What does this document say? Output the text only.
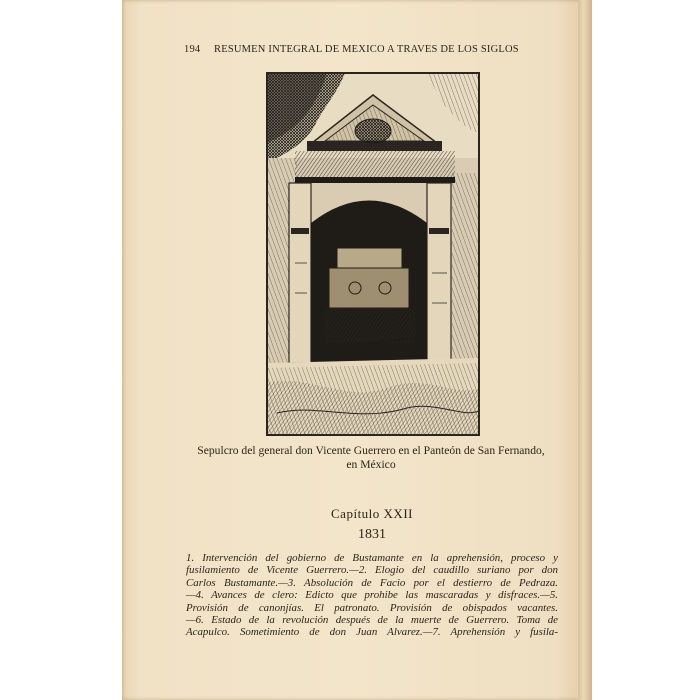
194 RESUMEN INTEGRAL DE MEXICO A TRAVES DE LOS SIGLOS
Sepulcro del general don Vicente Guerrero en el Panteón de San Fernando,
en México
Capítulo XXII
1831
1. Intervención del gobierno de Bustamante en la aprehensión, proceso y
fusilamiento de Vicente Guerrero.—2. Elogio del caudillo suriano por don
Carlos Bustamante.—3. Absolución de Facio por el destierro de Pedraza.
—4. Avances de clero: Edicto que prohibe las mascaradas y disfraces.—5.
Provisión de canonjías. El patronato. Provisión de obispados vacantes.
—6. Estado de la revolución después de la muerte de Guerrero. Toma de
Acapulco. Sometimiento de don Juan Alvarez.—7. Aprehensión y fusila-
